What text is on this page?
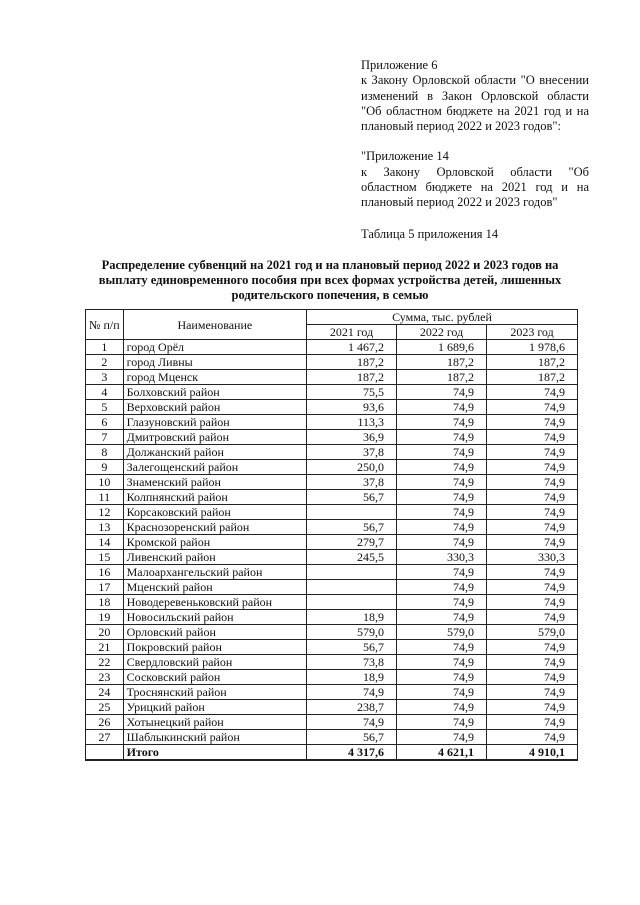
Приложение 6

к Закону Орловской области "О внесении изменений в Закон Орловской области "Об областном бюджете на 2021 год и на плановый период 2022 и 2023 годов":

"Приложение 14

к Закону Орловской области "Об областном бюджете на 2021 год и на плановый период 2022 и 2023 годов"

Таблица 5 приложения 14

Распределение субвенций на 2021 год и на плановый период 2022 и 2023 годов на выплату единовременного пособия при всех формах устройства детей, лишенных родительского попечения, в семью
№ п/п	Наименование	Сумма, тыс. рублей		
		2021 год	2022 год	2023 год
1	город Орёл	1 467,2	1 689,6	1 978,6
2	город Ливны	187,2	187,2	187,2
3	город Мценск	187,2	187,2	187,2
4	Болховский район	75,5	74,9	74,9
5	Верховский район	93,6	74,9	74,9
6	Глазуновский район	113,3	74,9	74,9
7	Дмитровский район	36,9	74,9	74,9
8	Должанский район	37,8	74,9	74,9
9	Залегощенский район	250,0	74,9	74,9
10	Знаменский район	37,8	74,9	74,9
11	Колпнянский район	56,7	74,9	74,9
12	Корсаковский район		74,9	74,9
13	Краснозоренский район	56,7	74,9	74,9
14	Кромской район	279,7	74,9	74,9
15	Ливенский район	245,5	330,3	330,3
16	Малоархангельский район		74,9	74,9
17	Мценский район		74,9	74,9
18	Новодеревеньковский район		74,9	74,9
19	Новосильский район	18,9	74,9	74,9
20	Орловский район	579,0	579,0	579,0
21	Покровский район	56,7	74,9	74,9
22	Свердловский район	73,8	74,9	74,9
23	Сосковский район	18,9	74,9	74,9
24	Троснянский район	74,9	74,9	74,9
25	Урицкий район	238,7	74,9	74,9
26	Хотынецкий район	74,9	74,9	74,9
27	Шаблыкинский район	56,7	74,9	74,9
	Итого	4 317,6	4 621,1	4 910,1
